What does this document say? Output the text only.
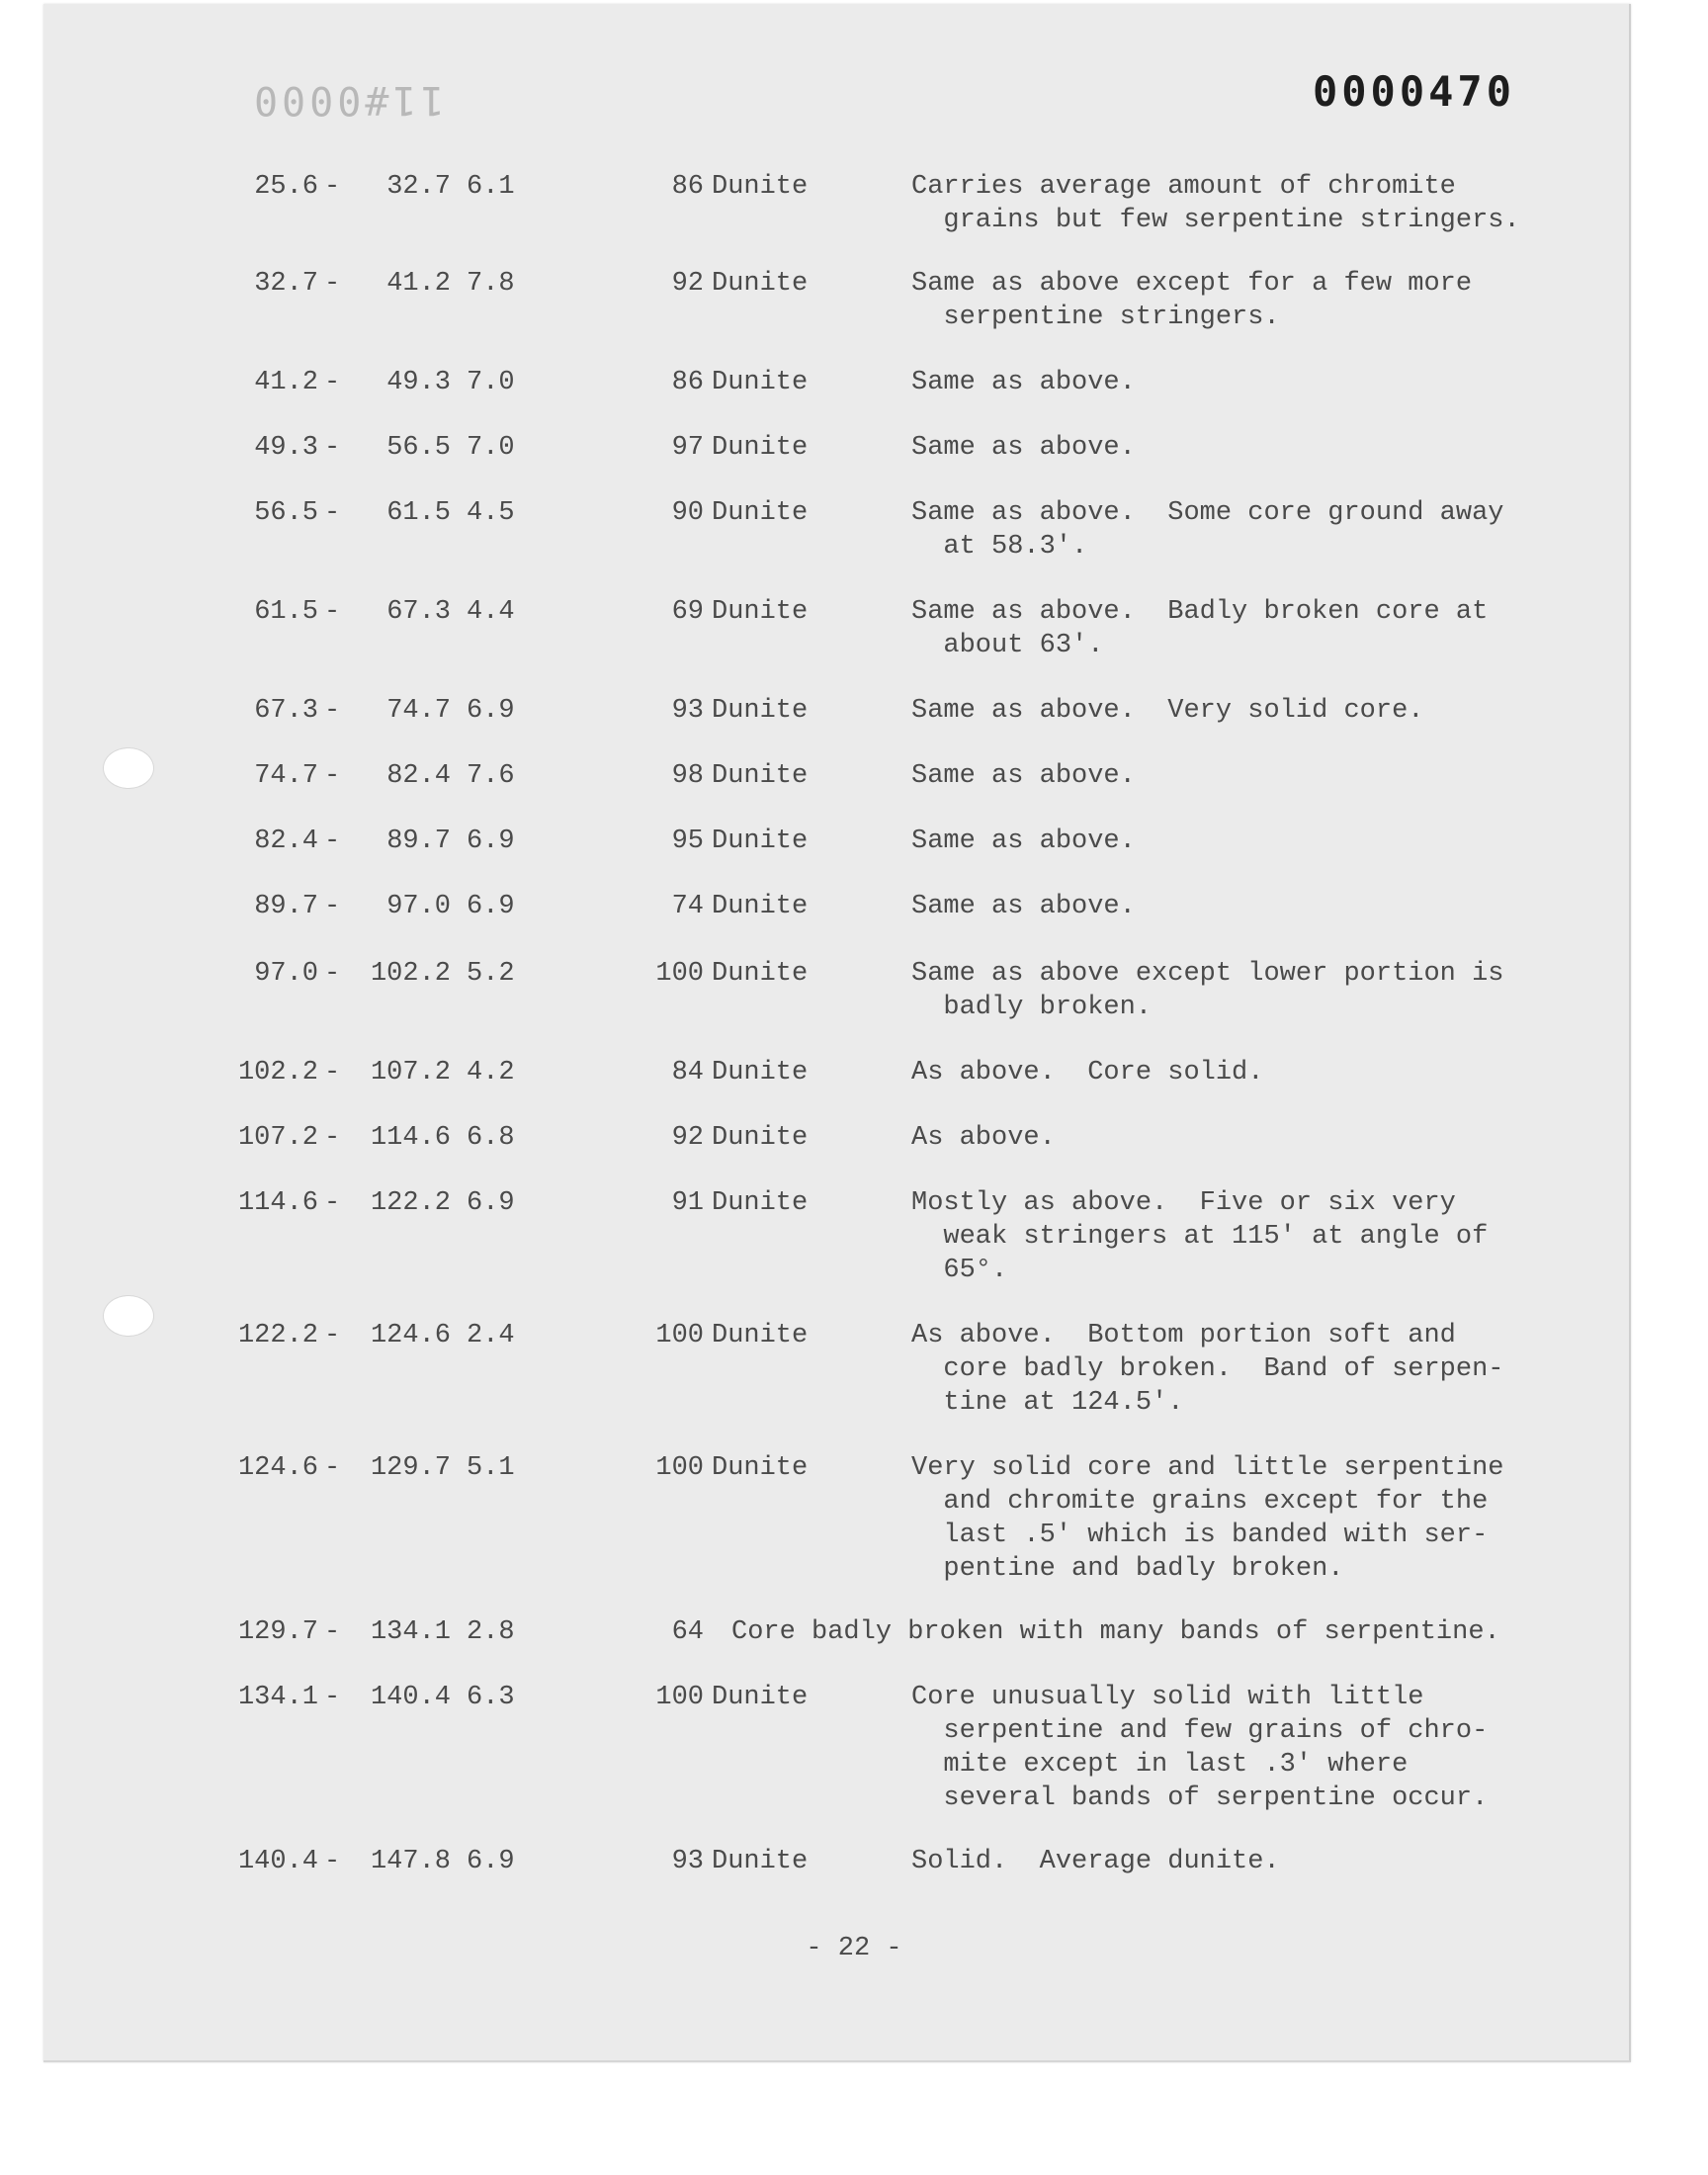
11#0000	0000470
25.6 -	32.7 6.1	86 Dunite	Carries average amount of chromite
grains but few serpentine stringers.
32.7 -	41.2 7.8	92 Dunite	Same as above except for a few more
serpentine stringers.
41.2 -	49.3 7.0	86 Dunite	Same as above.
49.3 -	56.5 7.0	97 Dunite	Same as above.
56.5 -	61.5 4.5	90 Dunite	Same as above.  Some core ground away
at 58.3'.
61.5 -	67.3 4.4	69 Dunite	Same as above.  Badly broken core at
about 63'.
67.3 -	74.7 6.9	93 Dunite	Same as above.  Very solid core.
74.7 -	82.4 7.6	98 Dunite	Same as above.
82.4 -	89.7 6.9	95 Dunite	Same as above.
89.7 -	97.0 6.9	74 Dunite	Same as above.
97.0 -	102.2 5.2	100 Dunite	Same as above except lower portion is
badly broken.
102.2 -	107.2 4.2	84 Dunite	As above.  Core solid.
107.2 -	114.6 6.8	92 Dunite	As above.
114.6 -	122.2 6.9	91 Dunite	Mostly as above.  Five or six very
weak stringers at 115' at angle of
65°.
122.2 -	124.6 2.4	100 Dunite	As above.  Bottom portion soft and
core badly broken.  Band of serpen-
tine at 124.5'.
124.6 -	129.7 5.1	100 Dunite	Very solid core and little serpentine
and chromite grains except for the
last .5' which is banded with ser-
pentine and badly broken.
129.7 -	134.1 2.8	64 Core badly broken with many bands of serpentine.
134.1 -	140.4 6.3	100 Dunite	Core unusually solid with little
serpentine and few grains of chro-
mite except in last .3' where
several bands of serpentine occur.
140.4 -	147.8 6.9	93 Dunite	Solid.  Average dunite.
- 22 -
